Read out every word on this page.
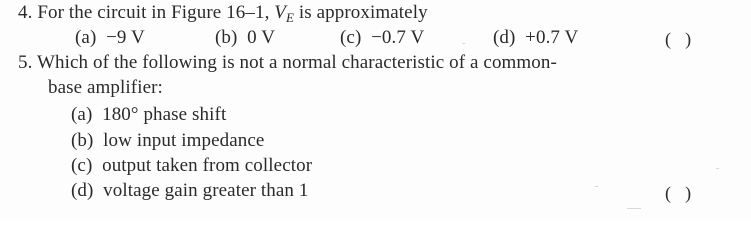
4. For the circuit in Figure 16–1, $V_E$ is approximately
(a) −9 V	(b) 0 V	(c) −0.7 V	(d) +0.7 V	( )
5. Which of the following is not a normal characteristic of a common-
base amplifier:
(a) 180° phase shift
(b) low input impedance
(c) output taken from collector
(d) voltage gain greater than 1	( )
